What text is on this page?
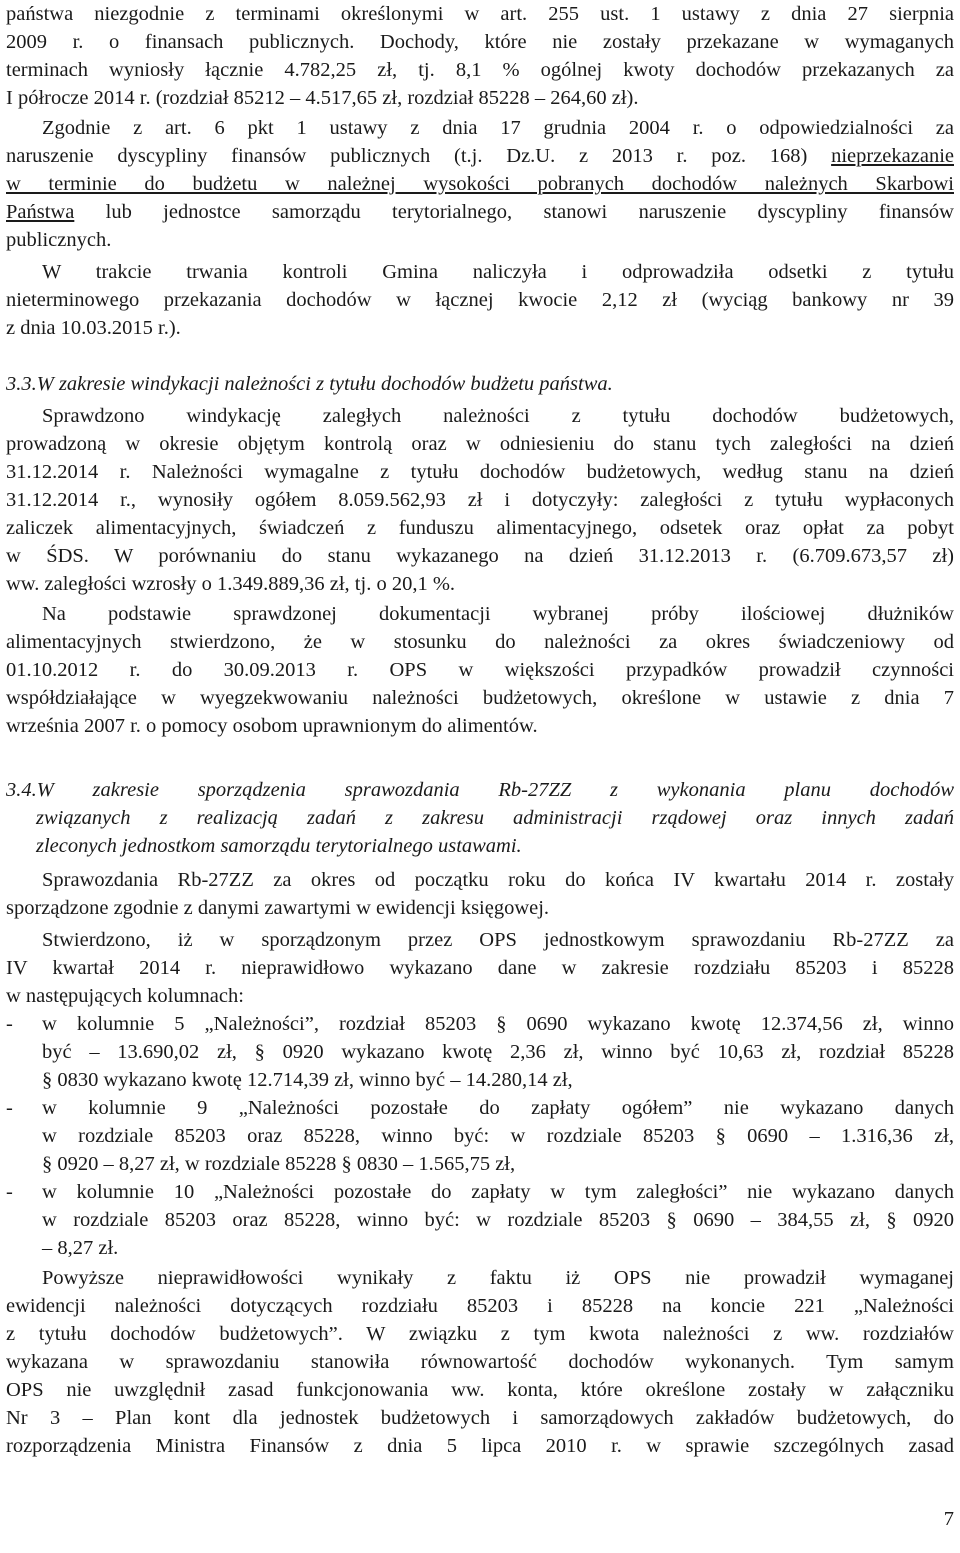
państwa niezgodnie z terminami określonymi w art. 255 ust. 1 ustawy z dnia 27 sierpnia
2009 r. o finansach publicznych. Dochody, które nie zostały przekazane w wymaganych
terminach wyniosły łącznie 4.782,25 zł, tj. 8,1 % ogólnej kwoty dochodów przekazanych za
I półrocze 2014 r. (rozdział 85212 – 4.517,65 zł, rozdział 85228 – 264,60 zł).
Zgodnie z art. 6 pkt 1 ustawy z dnia 17 grudnia 2004 r. o odpowiedzialności za
naruszenie dyscypliny finansów publicznych (t.j. Dz.U. z 2013 r. poz. 168) nieprzekazanie
w terminie do budżetu w należnej wysokości pobranych dochodów należnych Skarbowi
Państwa lub jednostce samorządu terytorialnego, stanowi naruszenie dyscypliny finansów
publicznych.
W trakcie trwania kontroli Gmina naliczyła i odprowadziła odsetki z tytułu
nieterminowego przekazania dochodów w łącznej kwocie 2,12 zł (wyciąg bankowy nr 39
z dnia 10.03.2015 r.).
3.3.W zakresie windykacji należności z tytułu dochodów budżetu państwa.
Sprawdzono windykację zaległych należności z tytułu dochodów budżetowych,
prowadzoną w okresie objętym kontrolą oraz w odniesieniu do stanu tych zaległości na dzień
31.12.2014 r. Należności wymagalne z tytułu dochodów budżetowych, według stanu na dzień
31.12.2014 r., wynosiły ogółem 8.059.562,93 zł i dotyczyły: zaległości z tytułu wypłaconych
zaliczek alimentacyjnych, świadczeń z funduszu alimentacyjnego, odsetek oraz opłat za pobyt
w ŚDS. W porównaniu do stanu wykazanego na dzień 31.12.2013 r. (6.709.673,57 zł)
ww. zaległości wzrosły o 1.349.889,36 zł, tj. o 20,1 %.
Na podstawie sprawdzonej dokumentacji wybranej próby ilościowej dłużników
alimentacyjnych stwierdzono, że w stosunku do należności za okres świadczeniowy od
01.10.2012 r. do 30.09.2013 r. OPS w większości przypadków prowadził czynności
współdziałające w wyegzekwowaniu należności budżetowych, określone w ustawie z dnia 7
września 2007 r. o pomocy osobom uprawnionym do alimentów.
3.4.W zakresie sporządzenia sprawozdania Rb-27ZZ z wykonania planu dochodów
związanych z realizacją zadań z zakresu administracji rządowej oraz innych zadań
zleconych jednostkom samorządu terytorialnego ustawami.
Sprawozdania Rb-27ZZ za okres od początku roku do końca IV kwartału 2014 r. zostały
sporządzone zgodnie z danymi zawartymi w ewidencji księgowej.
Stwierdzono, iż w sporządzonym przez OPS jednostkowym sprawozdaniu Rb-27ZZ za
IV kwartał 2014 r. nieprawidłowo wykazano dane w zakresie rozdziału 85203 i 85228
w następujących kolumnach:
-	w kolumnie 5 „Należności”, rozdział 85203 § 0690 wykazano kwotę 12.374,56 zł, winno
być – 13.690,02 zł, § 0920 wykazano kwotę 2,36 zł, winno być 10,63 zł, rozdział 85228
§ 0830 wykazano kwotę 12.714,39 zł, winno być – 14.280,14 zł,
-	w kolumnie 9 „Należności pozostałe do zapłaty ogółem” nie wykazano danych
w rozdziale 85203 oraz 85228, winno być: w rozdziale 85203 § 0690 – 1.316,36 zł,
§ 0920 – 8,27 zł, w rozdziale 85228 § 0830 – 1.565,75 zł,
-	w kolumnie 10 „Należności pozostałe do zapłaty w tym zaległości” nie wykazano danych
w rozdziale 85203 oraz 85228, winno być: w rozdziale 85203 § 0690 – 384,55 zł, § 0920
– 8,27 zł.
Powyższe nieprawidłowości wynikały z faktu iż OPS nie prowadził wymaganej
ewidencji należności dotyczących rozdziału 85203 i 85228 na koncie 221 „Należności
z tytułu dochodów budżetowych”. W związku z tym kwota należności z ww. rozdziałów
wykazana w sprawozdaniu stanowiła równowartość dochodów wykonanych. Tym samym
OPS nie uwzględnił zasad funkcjonowania ww. konta, które określone zostały w załączniku
Nr 3 – Plan kont dla jednostek budżetowych i samorządowych zakładów budżetowych, do
rozporządzenia Ministra Finansów z dnia 5 lipca 2010 r. w sprawie szczególnych zasad
7
